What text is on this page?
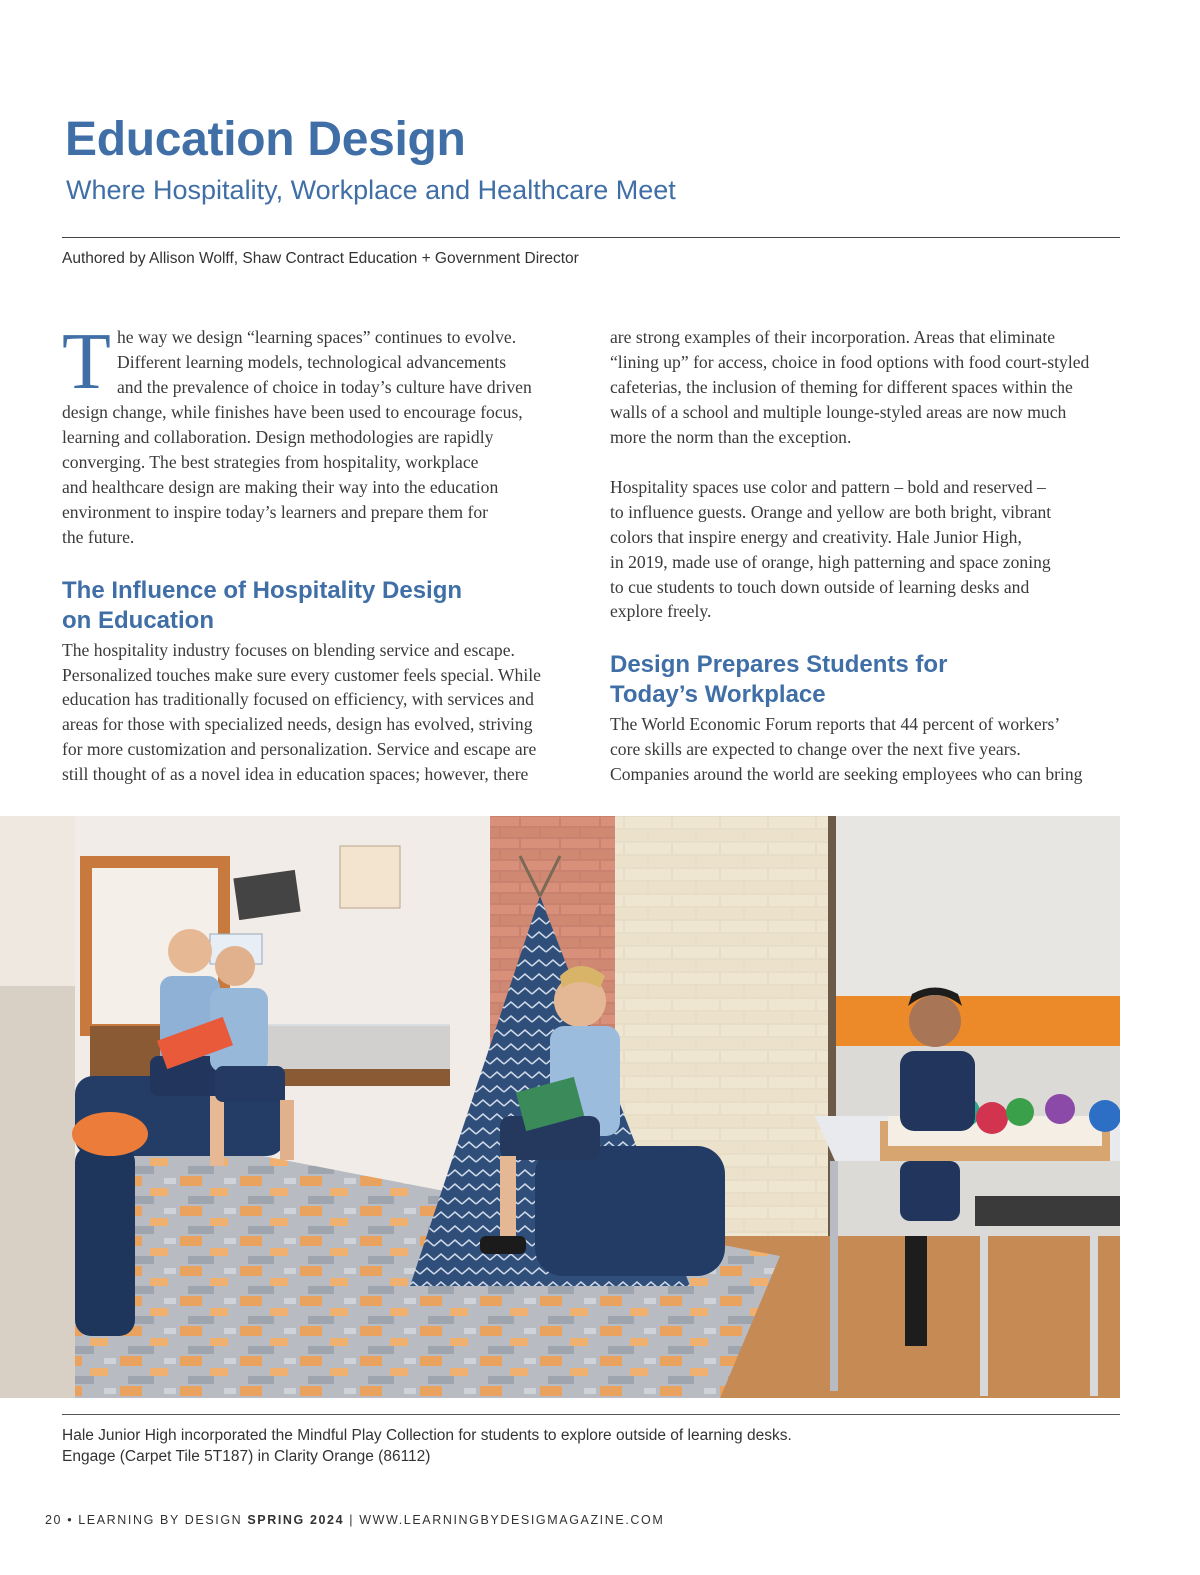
Education Design
Where Hospitality, Workplace and Healthcare Meet
Authored by Allison Wolff, Shaw Contract Education + Government Director
T he way we design “learning spaces” continues to evolve.
Different learning models, technological advancements
and the prevalence of choice in today’s culture have driven
design change, while finishes have been used to encourage focus,
learning and collaboration. Design methodologies are rapidly
converging. The best strategies from hospitality, workplace
and healthcare design are making their way into the education
environment to inspire today’s learners and prepare them for
the future.

The Influence of Hospitality Design
on Education

The hospitality industry focuses on blending service and escape.
Personalized touches make sure every customer feels special. While
education has traditionally focused on efficiency, with services and
areas for those with specialized needs, design has evolved, striving
for more customization and personalization. Service and escape are
still thought of as a novel idea in education spaces; however, there

are strong examples of their incorporation. Areas that eliminate
“lining up” for access, choice in food options with food court-styled
cafeterias, the inclusion of theming for different spaces within the
walls of a school and multiple lounge-styled areas are now much
more the norm than the exception.

Hospitality spaces use color and pattern – bold and reserved –
to influence guests. Orange and yellow are both bright, vibrant
colors that inspire energy and creativity. Hale Junior High,
in 2019, made use of orange, high patterning and space zoning
to cue students to touch down outside of learning desks and
explore freely.

Design Prepares Students for
Today’s Workplace

The World Economic Forum reports that 44 percent of workers’
core skills are expected to change over the next five years.
Companies around the world are seeking employees who can bring

Hale Junior High incorporated the Mindful Play Collection for students to explore outside of learning desks.
Engage (Carpet Tile 5T187) in Clarity Orange (86112)
20 • LEARNING BY DESIGN SPRING 2024 | WWW.LEARNINGBYDESIGMAGAZINE.COM
